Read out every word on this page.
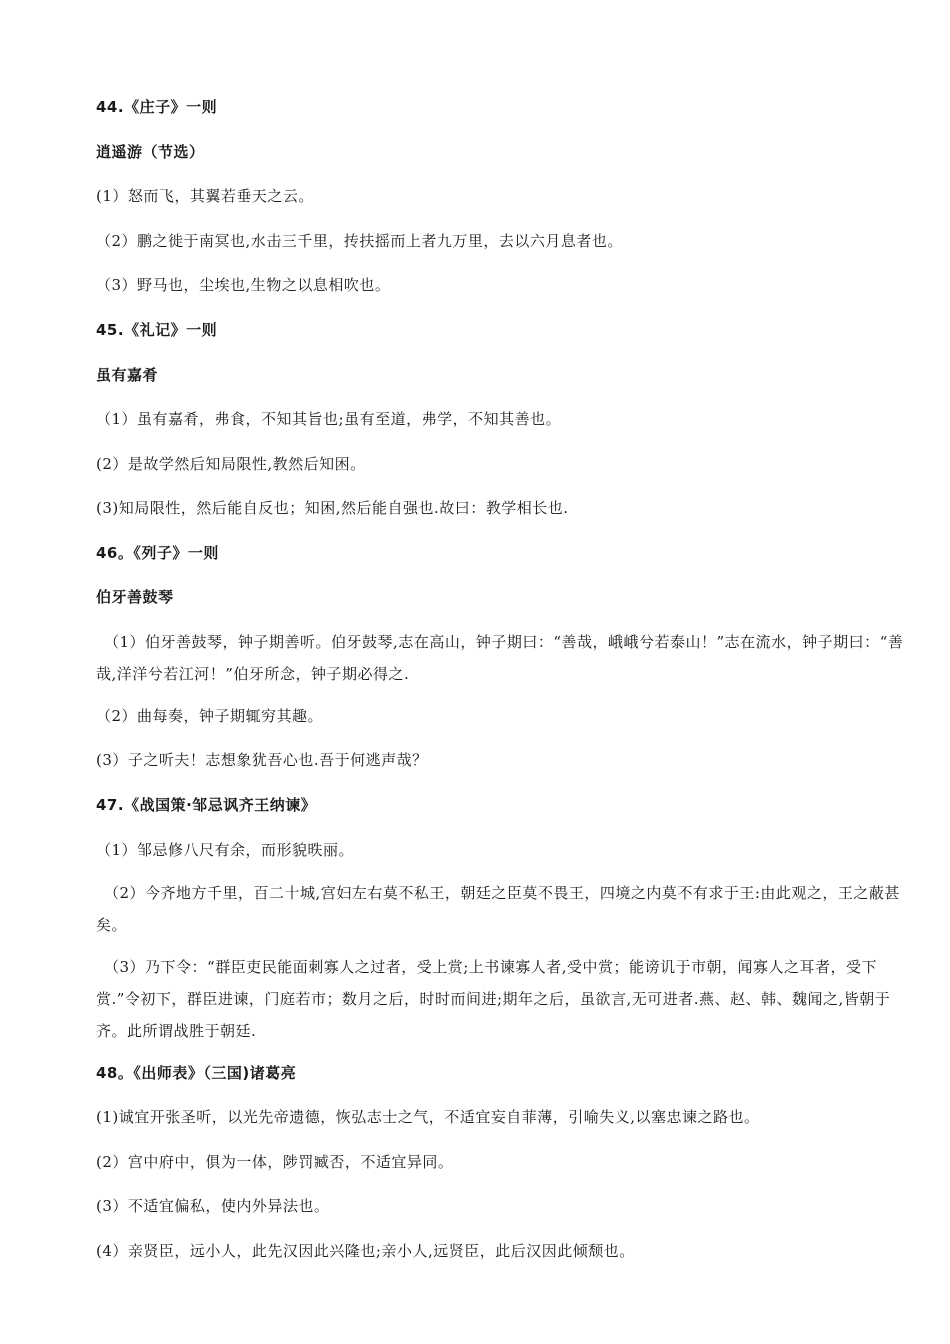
44.《庄子》一则
逍遥游（节选）
(1）怒而飞，其翼若垂天之云。
（2）鹏之徙于南冥也,水击三千里，抟扶摇而上者九万里，去以六月息者也。
（3）野马也，尘埃也,生物之以息相吹也。
45.《礼记》一则
虽有嘉肴
（1）虽有嘉肴，弗食，不知其旨也;虽有至道，弗学，不知其善也。
(2）是故学然后知局限性,教然后知困。
(3)知局限性，然后能自反也；知困,然后能自强也.故曰：教学相长也.
46。《列子》一则
伯牙善鼓琴
（1）伯牙善鼓琴，钟子期善听。伯牙鼓琴,志在高山，钟子期曰：“善哉，峨峨兮若泰山！”志在流水，钟子期曰：“善哉,洋洋兮若江河！”伯牙所念，钟子期必得之.
（2）曲每奏，钟子期辄穷其趣。
(3）子之听夫！志想象犹吾心也.吾于何逃声哉？
47.《战国策·邹忌讽齐王纳谏》
（1）邹忌修八尺有余，而形貌昳丽。
（2）今齐地方千里，百二十城,宫妇左右莫不私王，朝廷之臣莫不畏王，四境之内莫不有求于王:由此观之，王之蔽甚矣。
（3）乃下令：“群臣吏民能面刺寡人之过者，受上赏;上书谏寡人者,受中赏；能谤讥于市朝，闻寡人之耳者，受下赏.”令初下，群臣进谏，门庭若市；数月之后，时时而间进;期年之后，虽欲言,无可进者.燕、赵、韩、魏闻之,皆朝于齐。此所谓战胜于朝廷.
48。《出师表》（三国)诸葛亮
(1)诚宜开张圣听，以光先帝遗德，恢弘志士之气，不适宜妄自菲薄，引喻失义,以塞忠谏之路也。
(2）宫中府中，俱为一体，陟罚臧否，不适宜异同。
(3）不适宜偏私，使内外异法也。
(4）亲贤臣，远小人，此先汉因此兴隆也;亲小人,远贤臣，此后汉因此倾颓也。
